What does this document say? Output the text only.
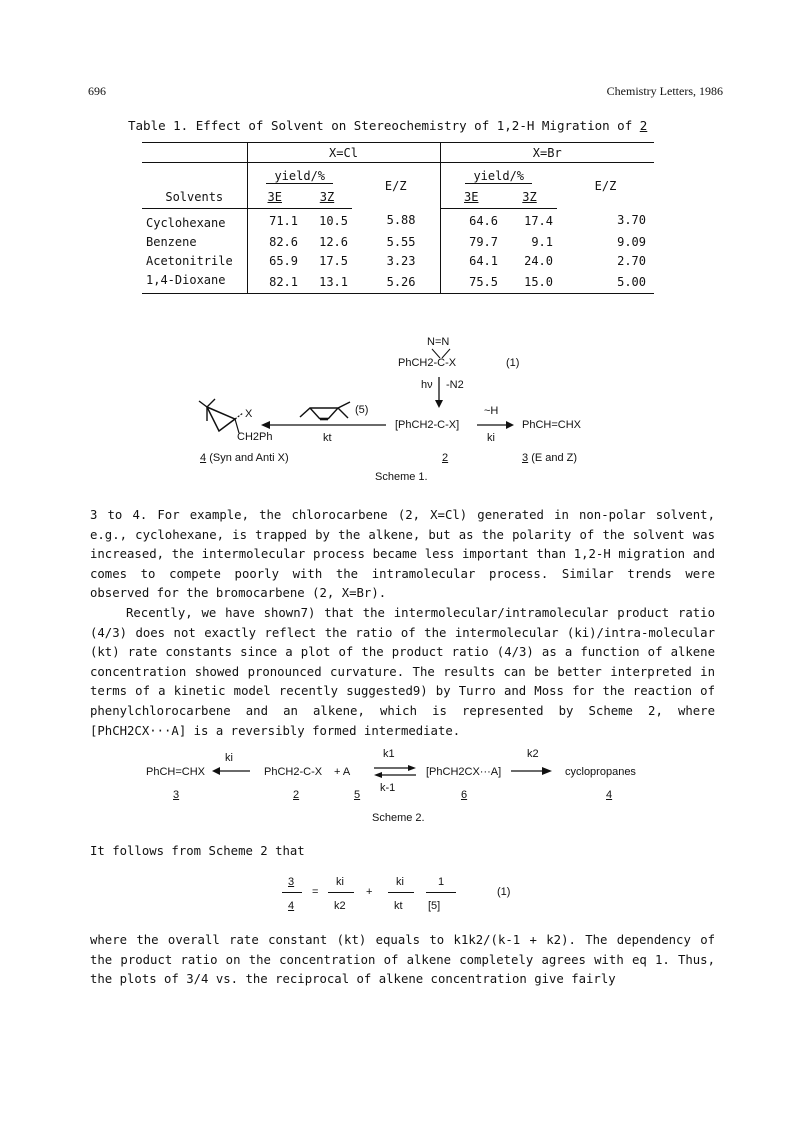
696	Chemistry Letters, 1986
Table 1. Effect of Solvent on Stereochemistry of 1,2-H Migration of 2
	X=Cl			X=Br		
	yield/%		E/Z	yield/%		E/Z
Solvents	3E	3Z		3E	3Z	
Cyclohexane	71.1	10.5	5.88	64.6	17.4	3.70
Benzene	82.6	12.6	5.55	79.7	9.1	9.09
Acetonitrile	65.9	17.5	3.23	64.1	24.0	2.70
1,4-Dioxane	82.1	13.1	5.26	75.5	15.0	5.00
N=N
PhCH2-C-X	(1)
hν -N2
[PhCH2-C-X]
~H
ki
PhCH=CHX
(5)
kt
X
CH2Ph
4 (Syn and Anti X)	2	3 (E and Z)
Scheme 1.

3 to 4. For example, the chlorocarbene (2, X=Cl) generated in non-polar solvent, e.g., cyclohexane, is trapped by the alkene, but as the polarity of the solvent was increased, the intermolecular process became less important than 1,2-H migration and comes to compete poorly with the intramolecular process. Similar trends were observed for the bromocarbene (2, X=Br).

Recently, we have shown7) that the intermolecular/intramolecular product ratio (4/3) does not exactly reflect the ratio of the intermolecular (ki)/intra-molecular (kt) rate constants since a plot of the product ratio (4/3) as a function of alkene concentration showed pronounced curvature. The results can be better interpreted in terms of a kinetic model recently suggested9) by Turro and Moss for the reaction of phenylchlorocarbene and an alkene, which is represented by Scheme 2, where [PhCH2CX···A] is a reversibly formed intermediate.

PhCH=CHX
ki
PhCH2-C-X + A
k1
k-1
[PhCH2CX···A]
k2
cyclopropanes
3	2	5	6	4
Scheme 2.
It follows from Scheme 2 that
3
4
=
ki
k2
+
ki
kt
1
[5]
(1)

where the overall rate constant (kt) equals to k1k2/(k-1 + k2). The dependency of the product ratio on the concentration of alkene completely agrees with eq 1. Thus, the plots of 3/4 vs. the reciprocal of alkene concentration give fairly
